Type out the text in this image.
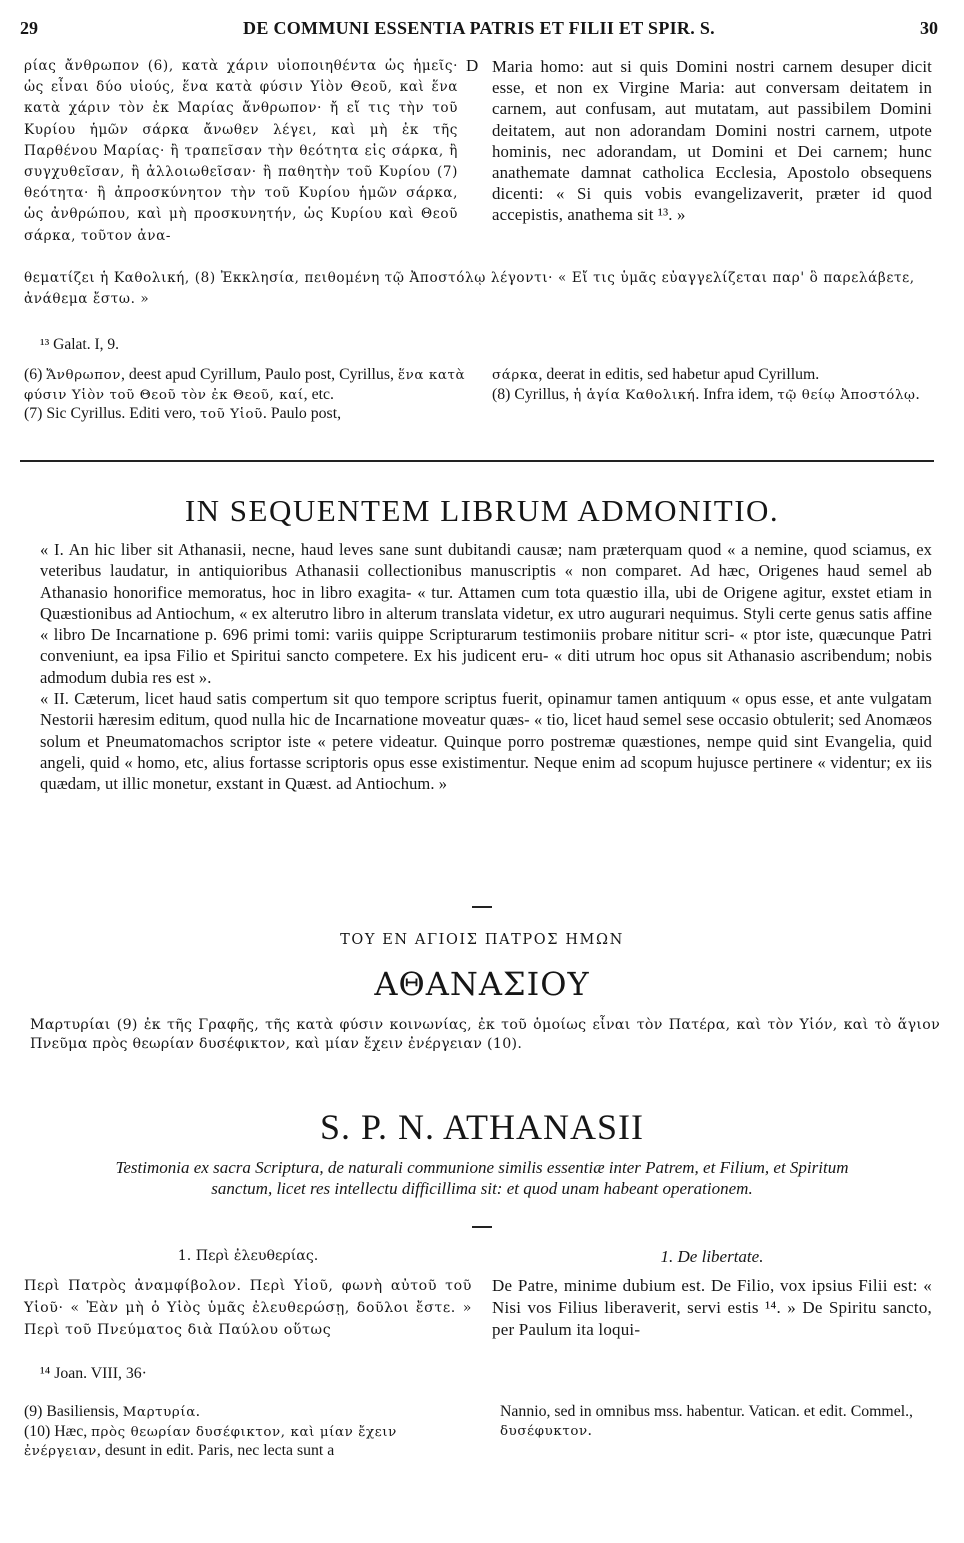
29	DE COMMUNI ESSENTIA PATRIS ET FILII ET SPIR. S.	30

ρίας ἄνθρωπον (6), κατὰ χάριν υἱοποιηθέντα ὡς ἡμεῖς· ὡς εἶναι δύο υἱούς, ἕνα κατὰ φύσιν Υἱὸν Θεοῦ, καὶ ἕνα κατὰ χάριν τὸν ἐκ Μαρίας ἄνθρωπον· ἤ εἴ τις τὴν τοῦ Κυρίου ἡμῶν σάρκα ἄνωθεν λέγει, καὶ μὴ ἐκ τῆς Παρθένου Μαρίας· ἢ τραπεῖσαν τὴν θεότητα εἰς σάρκα, ἢ συγχυθεῖσαν, ἢ ἀλλοιωθεῖσαν· ἢ παθητὴν τοῦ Κυρίου (7) θεότητα· ἢ ἀπροσκύνητον τὴν τοῦ Κυρίου ἡμῶν σάρκα, ὡς ἀνθρώπου, καὶ μὴ προσκυνητήν, ὡς Κυρίου καὶ Θεοῦ σάρκα, τοῦτον ἀνα-

D Maria homo: aut si quis Domini nostri carnem desuper dicit esse, et non ex Virgine Maria: aut conversam deitatem in carnem, aut confusam, aut mutatam, aut passibilem Domini deitatem, aut non adorandam Domini nostri carnem, utpote hominis, nec adorandam, ut Domini et Dei carnem; hunc anathemate damnat catholica Ecclesia, Apostolo obsequens dicenti: « Si quis vobis evangelizaverit, præter id quod accepistis, anathema sit ¹³. »

θεματίζει ἡ Καθολική, (8) Ἐκκλησία, πειθομένη τῷ Ἀποστόλῳ λέγοντι· « Εἴ τις ὑμᾶς εὐαγγελίζεται παρ' ὃ παρελάβετε, ἀνάθεμα ἔστω. »
¹³ Galat. I, 9.

(6) Ἄνθρωπον, deest apud Cyrillum, Paulo post, Cyrillus, ἕνα κατὰ φύσιν Υἱὸν τοῦ Θεοῦ τὸν ἐκ Θεοῦ, καί, etc.

(7) Sic Cyrillus. Editi vero, τοῦ Υἱοῦ. Paulo post,

σάρκα, deerat in editis, sed habetur apud Cyrillum.

(8) Cyrillus, ἡ ἁγία Καθολική. Infra idem, τῷ θείῳ Ἀποστόλῳ.

IN SEQUENTEM LIBRUM ADMONITIO.

« I. An hic liber sit Athanasii, necne, haud leves sane sunt dubitandi causæ; nam præterquam quod « a nemine, quod sciamus, ex veteribus laudatur, in antiquioribus Athanasii collectionibus manuscriptis « non comparet. Ad hæc, Origenes haud semel ab Athanasio honorifice memoratus, hoc in libro exagita- « tur. Attamen cum tota quæstio illa, ubi de Origene agitur, exstet etiam in Quæstionibus ad Antiochum, « ex alterutro libro in alterum translata videtur, ex utro augurari nequimus. Styli certe genus satis affine « libro De Incarnatione p. 696 primi tomi: variis quippe Scripturarum testimoniis probare nititur scri- « ptor iste, quæcunque Patri conveniunt, ea ipsa Filio et Spiritui sancto competere. Ex his judicent eru- « diti utrum hoc opus sit Athanasio ascribendum; nobis admodum dubia res est ».

« II. Cæterum, licet haud satis compertum sit quo tempore scriptus fuerit, opinamur tamen antiquum « opus esse, et ante vulgatam Nestorii hæresim editum, quod nulla hic de Incarnatione moveatur quæs- « tio, licet haud semel sese occasio obtulerit; sed Anomæos solum et Pneumatomachos scriptor iste « petere videatur. Quinque porro postremæ quæstiones, nempe quid sint Evangelia, quid angeli, quid « homo, etc, alius fortasse scriptoris opus esse existimentur. Neque enim ad scopum hujusce pertinere « videntur; ex iis quædam, ut illic monetur, exstant in Quæst. ad Antiochum. »

ΤΟΥ ΕΝ ΑΓΙΟΙΣ ΠΑΤΡΟΣ ΗΜΩΝ
ΑΘΑΝΑΣΙΟΥ
Μαρτυρίαι (9) ἐκ τῆς Γραφῆς, τῆς κατὰ φύσιν κοινωνίας, ἐκ τοῦ ὁμοίως εἶναι τὸν Πατέρα, καὶ τὸν Υἱόν, καὶ τὸ ἅγιον Πνεῦμα πρὸς θεωρίαν δυσέφικτον, καὶ μίαν ἔχειν ἐνέργειαν (10).
S. P. N. ATHANASII
Testimonia ex sacra Scriptura, de naturali communione similis essentiæ inter Patrem, et Filium, et Spiritum sanctum, licet res intellectu difficillima sit: et quod unam habeant operationem.
1. Περὶ ἐλευθερίας.	1. De libertate.

Περὶ Πατρὸς ἀναμφίβολον. Περὶ Υἱοῦ, φωνὴ αὐτοῦ τοῦ Υἱοῦ· « Ἐὰν μὴ ὁ Υἱὸς ὑμᾶς ἐλευθερώσῃ, δοῦλοι ἔστε. » Περὶ τοῦ Πνεύματος διὰ Παύλου οὕτως

De Patre, minime dubium est. De Filio, vox ipsius Filii est: « Nisi vos Filius liberaverit, servi estis ¹⁴. » De Spiritu sancto, per Paulum ita loqui-

¹⁴ Joan. VIII, 36·

(9) Basiliensis, Μαρτυρία.

(10) Hæc, πρὸς θεωρίαν δυσέφικτον, καὶ μίαν ἔχειν ἐνέργειαν, desunt in edit. Paris, nec lecta sunt a

Nannio, sed in omnibus mss. habentur. Vatican. et edit. Commel., δυσέφυκτον.
